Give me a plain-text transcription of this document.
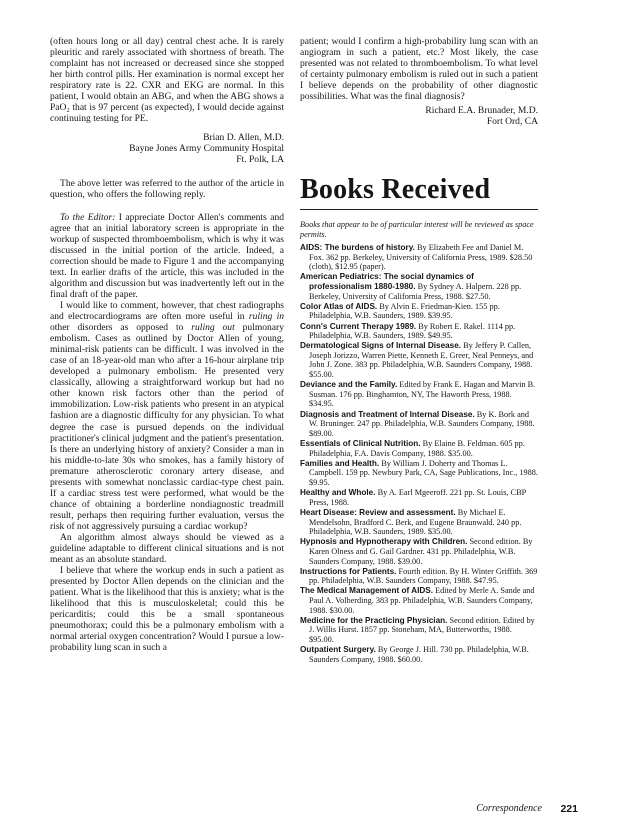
(often hours long or all day) central chest ache. It is rarely pleuritic and rarely associated with shortness of breath. The complaint has not increased or decreased since she stopped her birth control pills. Her examination is normal except her respiratory rate is 22. CXR and EKG are normal. In this patient, I would obtain an ABG, and when the ABG shows a PaO₂ that is 97 percent (as expected), I would decide against continuing testing for PE.

Brian D. Allen, M.D.
Bayne Jones Army Community Hospital
Ft. Polk, LA

The above letter was referred to the author of the article in question, who offers the following reply.

To the Editor: I appreciate Doctor Allen's comments and agree that an initial laboratory screen is appropriate in the workup of suspected thromboembolism, which is why it was discussed in the initial portion of the article. Indeed, a correction should be made to Figure 1 and the accompanying text. In earlier drafts of the article, this was included in the algorithm and discussion but was inadvertently left out in the final draft of the paper.

I would like to comment, however, that chest radiographs and electrocardiograms are often more useful in ruling in other disorders as opposed to ruling out pulmonary embolism. Cases as outlined by Doctor Allen of young, minimal-risk patients can be difficult. I was involved in the case of an 18-year-old man who after a 16-hour airplane trip developed a pulmonary embolism. He presented very classically, allowing a straightforward workup but had no other known risk factors other than the period of immobilization. Low-risk patients who present in an atypical fashion are a diagnostic difficulty for any physician. To what degree the case is pursued depends on the individual practitioner's clinical judgment and the patient's presentation. Is there an underlying history of anxiety? Consider a man in his middle-to-late 30s who smokes, has a family history of premature atherosclerotic coronary artery disease, and presents with somewhat nonclassic cardiac-type chest pain. If a cardiac stress test were performed, what would be the chance of obtaining a borderline nondiagnostic treadmill result, perhaps then requiring further evaluation, versus the risk of not aggressively pursuing a cardiac workup?

An algorithm almost always should be viewed as a guideline adaptable to different clinical situations and is not meant as an absolute standard.

I believe that where the workup ends in such a patient as presented by Doctor Allen depends on the clinician and the patient. What is the likelihood that this is anxiety; what is the likelihood that this is musculoskeletal; could this be pericarditis; could this be a small spontaneous pneumothorax; could this be a pulmonary embolism with a normal arterial oxygen concentration? Would I pursue a low-probability lung scan in such a

patient; would I confirm a high-probability lung scan with an angiogram in such a patient, etc.? Most likely, the case presented was not related to thromboembolism. To what level of certainty pulmonary embolism is ruled out in such a patient I believe depends on the probability of other diagnostic possibilities. What was the final diagnosis?

Richard E.A. Brunader, M.D.
Fort Ord, CA
Books Received

Books that appear to be of particular interest will be reviewed as space permits.

AIDS: The burdens of history. By Elizabeth Fee and Daniel M. Fox. 362 pp. Berkeley, University of California Press, 1989. $28.50 (cloth), $12.95 (paper).

American Pediatrics: The social dynamics of professionalism 1880-1980. By Sydney A. Halpern. 228 pp. Berkeley, University of California Press, 1988. $27.50.

Color Atlas of AIDS. By Alvin E. Friedman-Kien. 155 pp. Philadelphia, W.B. Saunders, 1989. $39.95.

Conn's Current Therapy 1989. By Robert E. Rakel. 1114 pp. Philadelphia, W.B. Saunders, 1989. $49.95.

Dermatological Signs of Internal Disease. By Jeffery P. Callen, Joseph Jorizzo, Warren Piette, Kenneth E. Greer, Neal Penneys, and John J. Zone. 383 pp. Philadelphia, W.B. Saunders Company, 1988. $55.00.

Deviance and the Family. Edited by Frank E. Hagan and Marvin B. Susman. 176 pp. Binghamton, NY, The Haworth Press, 1988. $34.95.

Diagnosis and Treatment of Internal Disease. By K. Bork and W. Bruninger. 247 pp. Philadelphia, W.B. Saunders Company, 1988. $89.00.

Essentials of Clinical Nutrition. By Elaine B. Feldman. 605 pp. Philadelphia, F.A. Davis Company, 1988. $35.00.

Families and Health. By William J. Doherty and Thomas L. Campbell. 159 pp. Newbury Park, CA, Sage Publications, Inc., 1988. $9.95.

Healthy and Whole. By A. Earl Mgeeroff. 221 pp. St. Louis, CBP Press, 1988.

Heart Disease: Review and assessment. By Michael E. Mendelsohn, Bradford C. Berk, and Eugene Braunwald. 240 pp. Philadelphia, W.B. Saunders, 1989. $35.00.

Hypnosis and Hypnotherapy with Children. Second edition. By Karen Olness and G. Gail Gardner. 431 pp. Philadelphia, W.B. Saunders Company, 1988. $39.00.

Instructions for Patients. Fourth edition. By H. Winter Griffith. 369 pp. Philadelphia, W.B. Saunders Company, 1988. $47.95.

The Medical Management of AIDS. Edited by Merle A. Sande and Paul A. Volberding. 383 pp. Philadelphia, W.B. Saunders Company, 1988. $30.00.

Medicine for the Practicing Physician. Second edition. Edited by J. Willis Hurst. 1857 pp. Stoneham, MA, Butterworths, 1988. $95.00.

Outpatient Surgery. By George J. Hill. 730 pp. Philadelphia, W.B. Saunders Company, 1988. $60.00.

Correspondence 221
